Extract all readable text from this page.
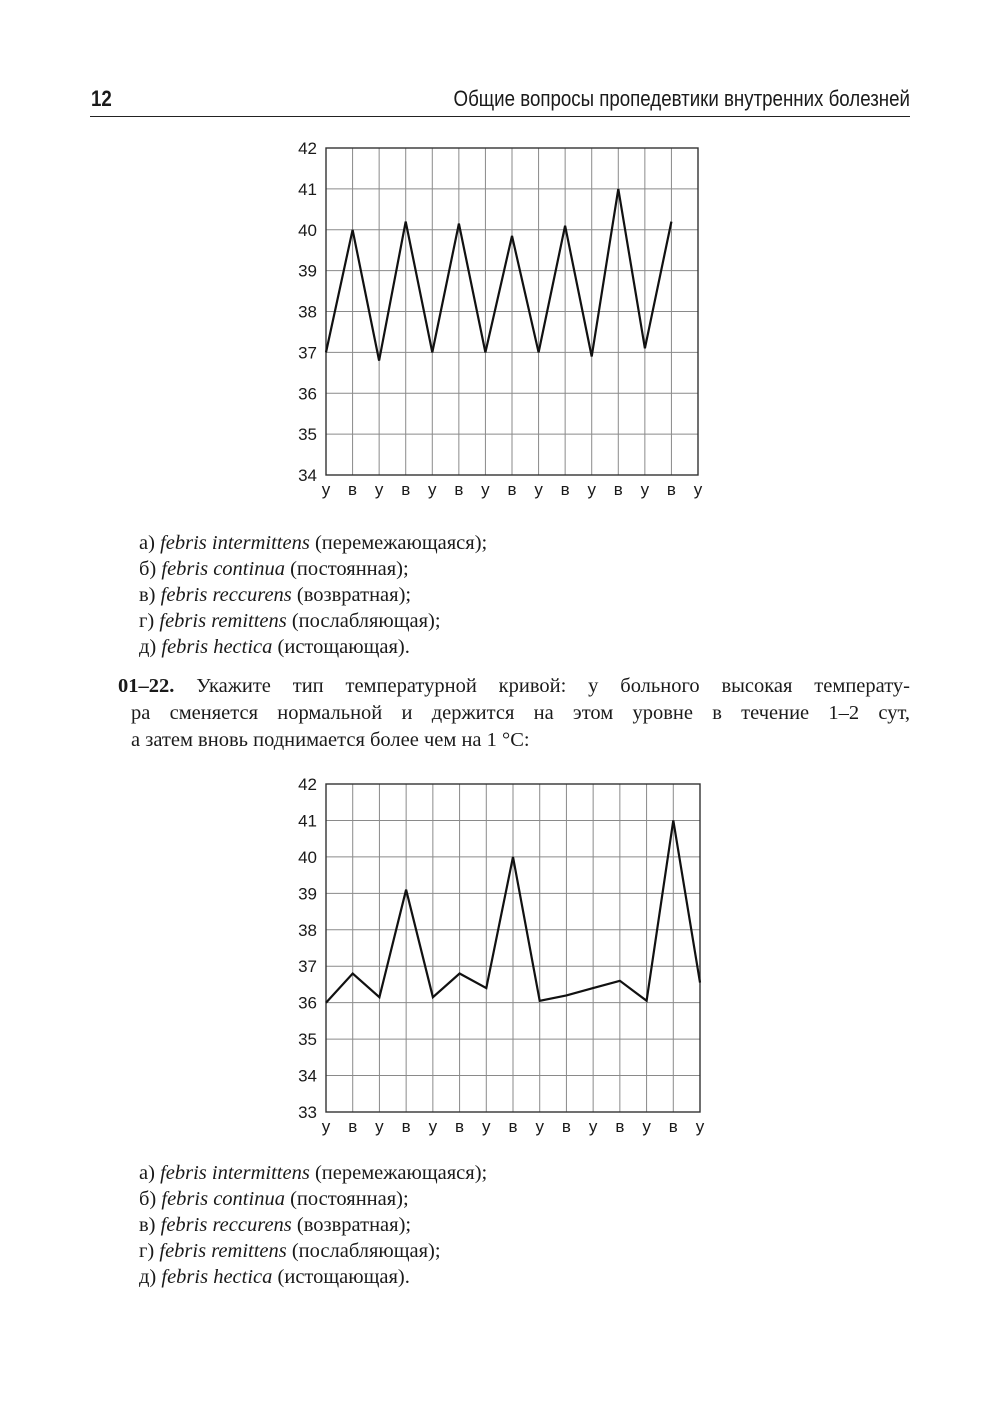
12	Общие вопросы пропедевтики внутренних болезней
42
41
40
39
38
37
36
35
34
у в у в у в у в у в у в у в у
а) febris intermittens (перемежающаяся);
б) febris continua (постоянная);
в) febris reccurens (возвратная);
г) febris remittens (послабляющая);
д) febris hectica (истощающая).
01–22. Укажите тип температурной кривой: у больного высокая температу-
ра сменяется нормальной и держится на этом уровне в течение 1–2 сут,
а затем вновь поднимается более чем на 1 °С:
42
41
40
39
38
37
36
35
34
33
у в у в у в у в у в у в у в у
а) febris intermittens (перемежающаяся);
б) febris continua (постоянная);
в) febris reccurens (возвратная);
г) febris remittens (послабляющая);
д) febris hectica (истощающая).
